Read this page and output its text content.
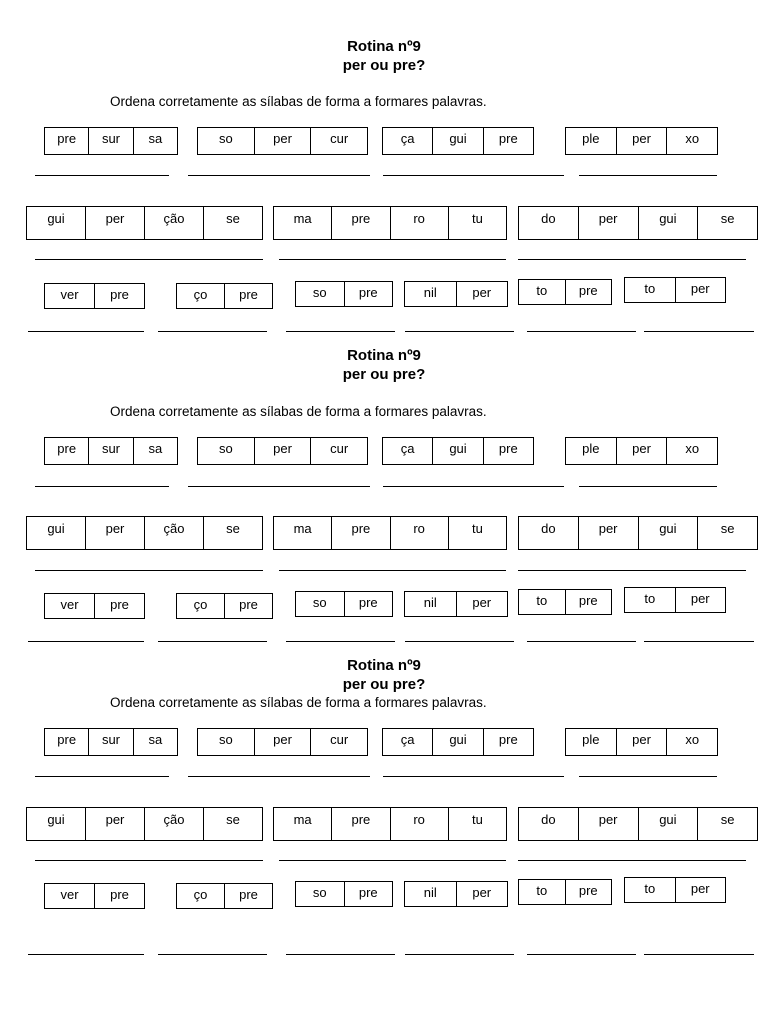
Rotina nº9
per ou pre?
Ordena corretamente as sílabas de forma a formares palavras.
pre	sur	sa	so	per	cur	ça	gui	pre	ple	per	xo
gui	per	ção	se	ma	pre	ro	tu	do	per	gui	se
ver	pre	ço	pre	so	pre	nil	per	to	pre	to	per
Rotina nº9
per ou pre?
Ordena corretamente as sílabas de forma a formares palavras.
pre	sur	sa	so	per	cur	ça	gui	pre	ple	per	xo
gui	per	ção	se	ma	pre	ro	tu	do	per	gui	se
ver	pre	ço	pre	so	pre	nil	per	to	pre	to	per
Rotina nº9
per ou pre?
Ordena corretamente as sílabas de forma a formares palavras.
pre	sur	sa	so	per	cur	ça	gui	pre	ple	per	xo
gui	per	ção	se	ma	pre	ro	tu	do	per	gui	se
ver	pre	ço	pre	so	pre	nil	per	to	pre	to	per
